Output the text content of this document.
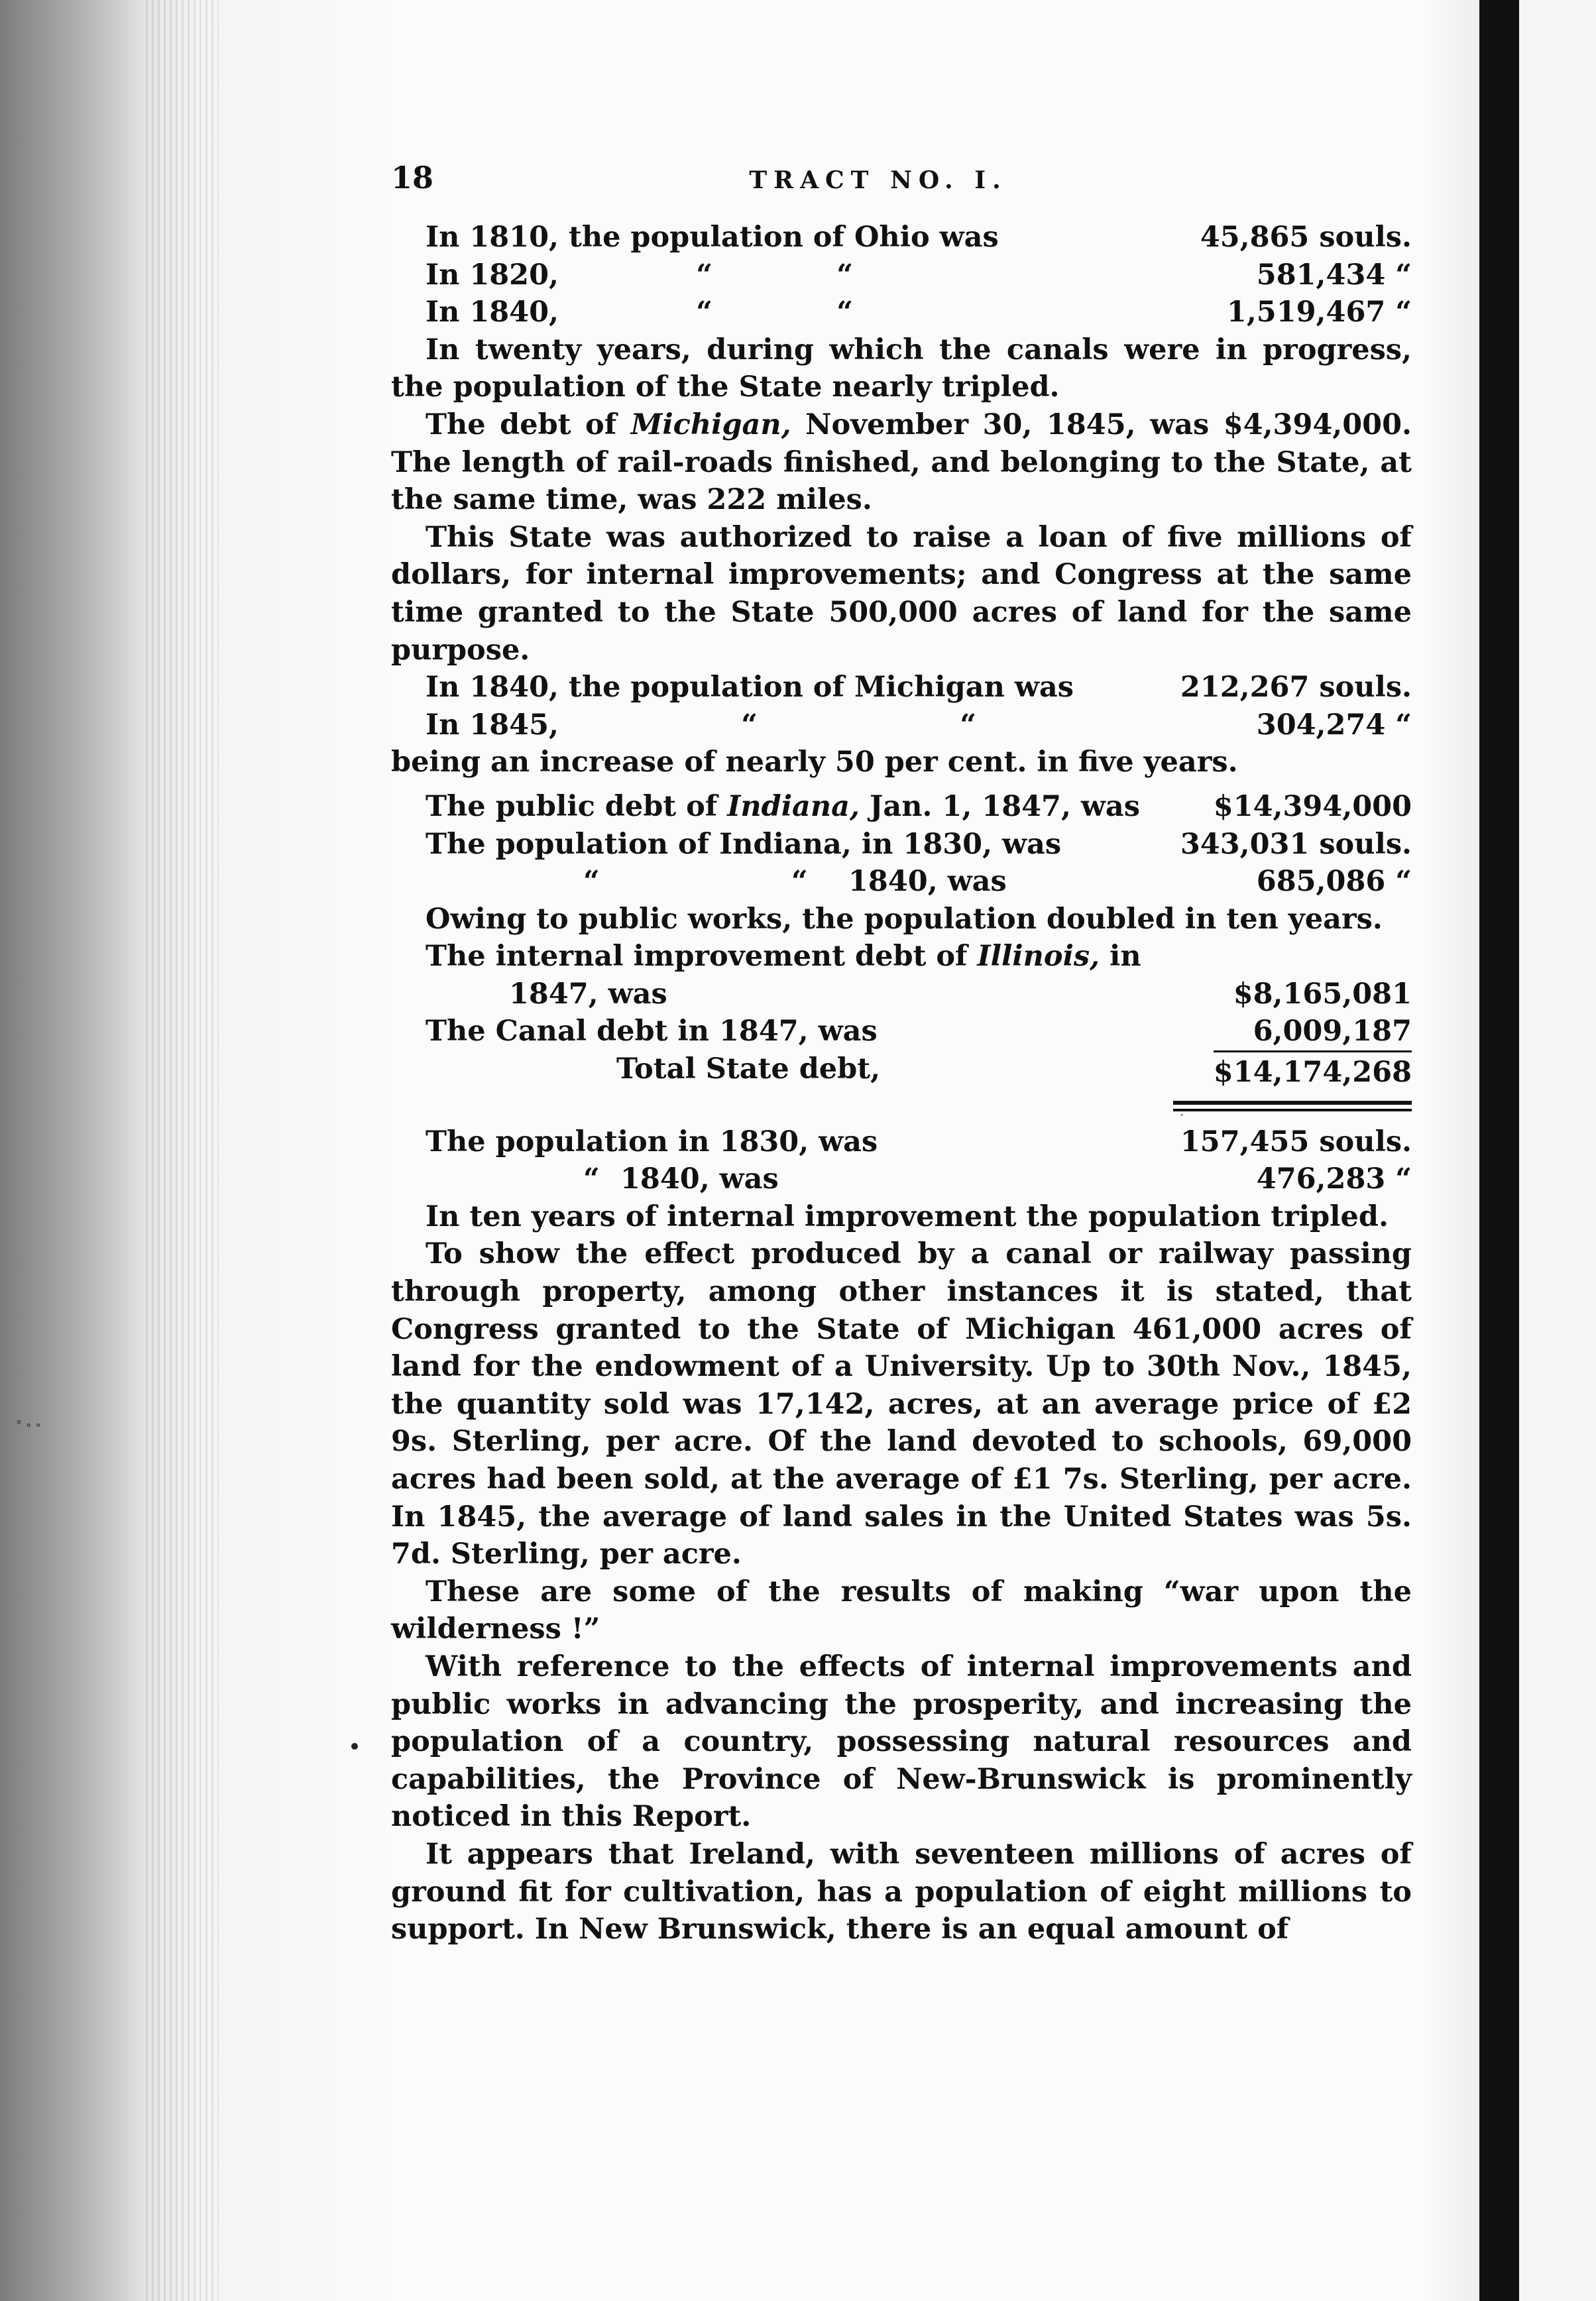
° ∘ ∘
·
18	TRACT NO. I.
In 1810, the population of Ohio was	45,865 souls.
In 1820,	“	“	581,434 “
In 1840,	“	“	1,519,467 “

In twenty years, during which the canals were in progress, the population of the State nearly tripled.

The debt of Michigan, November 30, 1845, was $4,394,000. The length of rail-roads finished, and belonging to the State, at the same time, was 222 miles.

This State was authorized to raise a loan of five millions of dollars, for internal improvements; and Congress at the same time granted to the State 500,000 acres of land for the same purpose.

In 1840, the population of Michigan was	212,267 souls.
In 1845,	“	“	304,274 “

being an increase of nearly 50 per cent. in five years.

The public debt of Indiana, Jan. 1, 1847, was	$14,394,000
The population of Indiana, in 1830, was	343,031 souls.
“	“ 1840, was	685,086 “

Owing to public works, the population doubled in ten years.

The internal improvement debt of Illinois, in

1847, was	$8,165,081
The Canal debt in 1847, was	6,009,187
Total State debt,	$14,174,268
The population in 1830, was	157,455 souls.
“ 1840, was	476,283 “

In ten years of internal improvement the population tripled.

To show the effect produced by a canal or railway passing through property, among other instances it is stated, that Congress granted to the State of Michigan 461,000 acres of land for the endowment of a University. Up to 30th Nov., 1845, the quantity sold was 17,142, acres, at an average price of £2 9s. Sterling, per acre. Of the land devoted to schools, 69,000 acres had been sold, at the average of £1 7s. Sterling, per acre. In 1845, the average of land sales in the United States was 5s. 7d. Sterling, per acre.

These are some of the results of making “war upon the wilderness !”

With reference to the effects of internal improvements and public works in advancing the prosperity, and increasing the population of a country, possessing natural resources and capabilities, the Province of New-Brunswick is prominently noticed in this Report.

It appears that Ireland, with seventeen millions of acres of ground fit for cultivation, has a population of eight millions to support. In New Brunswick, there is an equal amount of
